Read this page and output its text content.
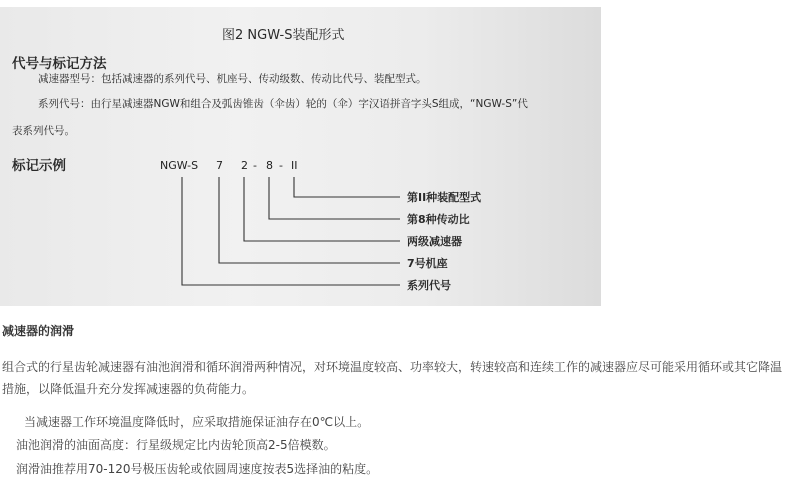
图2 NGW-S装配形式
代号与标记方法
减速器型号：包括减速器的系列代号、机座号、传动级数、传动比代号、装配型式。
系列代号：由行星减速器NGW和组合及弧齿锥齿（伞齿）轮的（伞）字汉语拼音字头S组成，“NGW-S”代
表系列代号。
标记示例	NGW-S 7 2 - 8 - II
第II种装配型式
第8种传动比
两级减速器
7号机座
系列代号
减速器的润滑

组合式的行星齿轮减速器有油池润滑和循环润滑两种情况，对环境温度较高、功率较大，转速较高和连续工作的减速器应尽可能采用循环或其它降温措施，以降低温升充分发挥减速器的负荷能力。

当减速器工作环境温度降低时，应采取措施保证油存在0℃以上。
油池润滑的油面高度：行星级规定比内齿轮顶高2-5倍模数。
润滑油推荐用70-120号极压齿轮或依圆周速度按表5选择油的粘度。
